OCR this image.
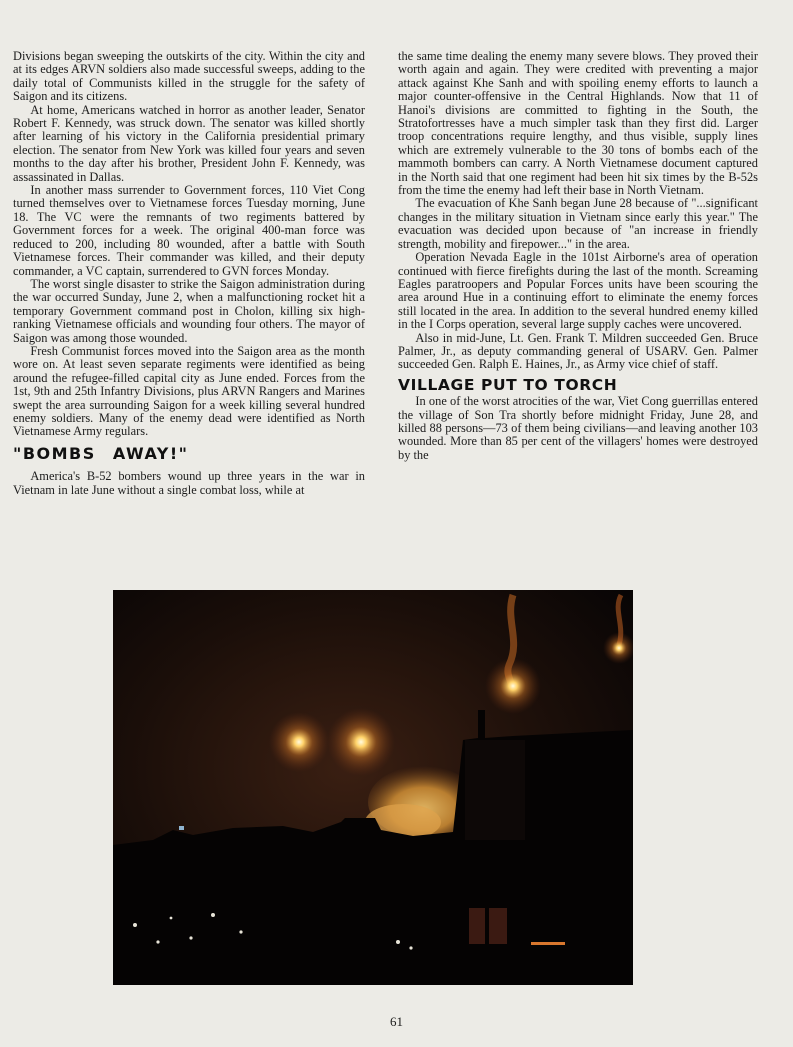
Divisions began sweeping the outskirts of the city. Within the city and at its edges ARVN soldiers also made successful sweeps, adding to the daily total of Communists killed in the struggle for the safety of Saigon and its citizens.

At home, Americans watched in horror as another leader, Senator Robert F. Kennedy, was struck down. The senator was killed shortly after learning of his victory in the California presidential primary election. The senator from New York was killed four years and seven months to the day after his brother, President John F. Kennedy, was assassinated in Dallas.

In another mass surrender to Government forces, 110 Viet Cong turned themselves over to Vietnamese forces Tuesday morning, June 18. The VC were the remnants of two regiments battered by Government forces for a week. The original 400-man force was reduced to 200, including 80 wounded, after a battle with South Vietnamese forces. Their commander was killed, and their deputy commander, a VC captain, surrendered to GVN forces Monday.

The worst single disaster to strike the Saigon administration during the war occurred Sunday, June 2, when a malfunctioning rocket hit a temporary Government command post in Cholon, killing six high-ranking Vietnamese officials and wounding four others. The mayor of Saigon was among those wounded.

Fresh Communist forces moved into the Saigon area as the month wore on. At least seven separate regiments were identified as being around the refugee-filled capital city as June ended. Forces from the 1st, 9th and 25th Infantry Divisions, plus ARVN Rangers and Marines swept the area surrounding Saigon for a week killing several hundred enemy soldiers. Many of the enemy dead were identified as North Vietnamese Army regulars.

"BOMBS AWAY!"

America's B-52 bombers wound up three years in the war in Vietnam in late June without a single combat loss, while at

the same time dealing the enemy many severe blows. They proved their worth again and again. They were credited with preventing a major attack against Khe Sanh and with spoiling enemy efforts to launch a major counter-offensive in the Central Highlands. Now that 11 of Hanoi's divisions are committed to fighting in the South, the Stratofortresses have a much simpler task than they first did. Larger troop concentrations require lengthy, and thus visible, supply lines which are extremely vulnerable to the 30 tons of bombs each of the mammoth bombers can carry. A North Vietnamese document captured in the North said that one regiment had been hit six times by the B-52s from the time the enemy had left their base in North Vietnam.

The evacuation of Khe Sanh began June 28 because of "...significant changes in the military situation in Vietnam since early this year." The evacuation was decided upon because of "an increase in friendly strength, mobility and firepower..." in the area.

Operation Nevada Eagle in the 101st Airborne's area of operation continued with fierce firefights during the last of the month. Screaming Eagles paratroopers and Popular Forces units have been scouring the area around Hue in a continuing effort to eliminate the enemy forces still located in the area. In addition to the several hundred enemy killed in the I Corps operation, several large supply caches were uncovered.

Also in mid-June, Lt. Gen. Frank T. Mildren succeeded Gen. Bruce Palmer, Jr., as deputy commanding general of USARV. Gen. Palmer succeeded Gen. Ralph E. Haines, Jr., as Army vice chief of staff.

VILLAGE PUT TO TORCH

In one of the worst atrocities of the war, Viet Cong guerrillas entered the village of Son Tra shortly before midnight Friday, June 28, and killed 88 persons—73 of them being civilians—and leaving another 103 wounded. More than 85 per cent of the villagers' homes were destroyed by the

61
